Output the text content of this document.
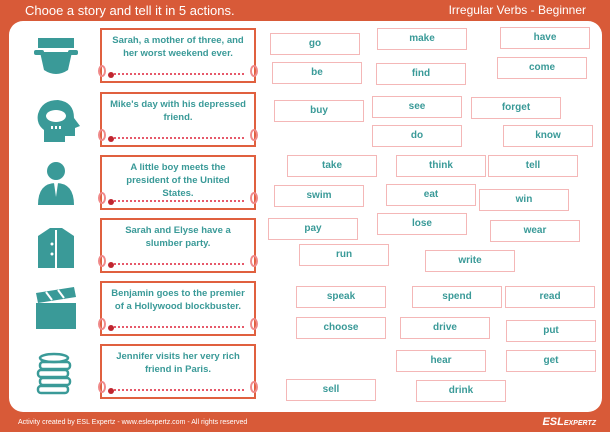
Chooe a story and tell it in 5 actions.	Irregular Verbs - Beginner
Sarah, a mother of three, and her worst weekend ever.
Mike's day with his depressed friend.
A little boy meets the president of the United States.
Sarah and Elyse have a slumber party.
Benjamin goes to the premier of a Hollywood blockbuster.
Jennifer visits her very rich friend in Paris.
go	make	have
be	find
come
buy	see	forget
do	know
take	think	tell
swim	eat	win
pay	lose
wear
run
write
speak	spend	read
choose	drive	put
hear	get
sell	drink
Activity created by ESL Expertz - www.eslexpertz.com - All rights reserved	ESLEXPERTZ
